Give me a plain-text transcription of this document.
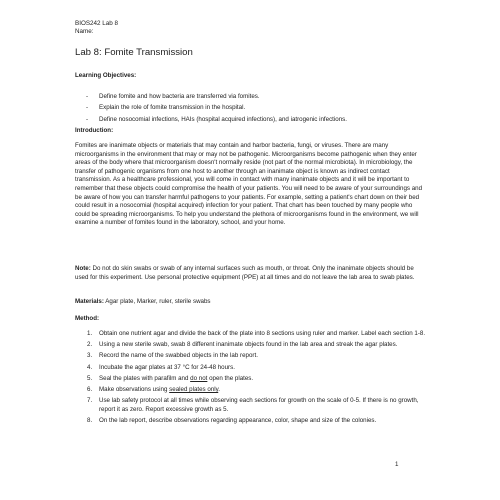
BIOS242 Lab 8
Name:
Lab 8: Fomite Transmission
Learning Objectives:
- Define fomite and how bacteria are transferred via fomites.
- Explain the role of fomite transmission in the hospital.
- Define nosocomial infections, HAIs (hospital acquired infections), and iatrogenic infections.
Introduction:

Fomites are inanimate objects or materials that may contain and harbor bacteria, fungi, or viruses. There are many microorganisms in the environment that may or may not be pathogenic. Microorganisms become pathogenic when they enter areas of the body where that microorganism doesn't normally reside (not part of the normal microbiota). In microbiology, the transfer of pathogenic organisms from one host to another through an inanimate object is known as indirect contact transmission. As a healthcare professional, you will come in contact with many inanimate objects and it will be important to remember that these objects could compromise the health of your patients. You will need to be aware of your surroundings and be aware of how you can transfer harmful pathogens to your patients. For example, setting a patient's chart down on their bed could result in a nosocomial (hospital acquired) infection for your patient. That chart has been touched by many people who could be spreading microorganisms. To help you understand the plethora of microorganisms found in the environment, we will examine a number of fomites found in the laboratory, school, and your home.

Note: Do not do skin swabs or swab of any internal surfaces such as mouth, or throat. Only the inanimate objects should be used for this experiment. Use personal protective equipment (PPE) at all times and do not leave the lab area to swab plates.

Materials: Agar plate, Marker, ruler, sterile swabs

Method:
1. Obtain one nutrient agar and divide the back of the plate into 8 sections using ruler and marker. Label each section 1-8.
2. Using a new sterile swab, swab 8 different inanimate objects found in the lab area and streak the agar plates.
3. Record the name of the swabbed objects in the lab report.
4. Incubate the agar plates at 37 °C for 24-48 hours.
5. Seal the plates with parafilm and do not open the plates.
6. Make observations using sealed plates only.
7. Use lab safety protocol at all times while observing each sections for growth on the scale of 0-5. If there is no growth, report it as zero. Report excessive growth as 5.
8. On the lab report, describe observations regarding appearance, color, shape and size of the colonies.
1
